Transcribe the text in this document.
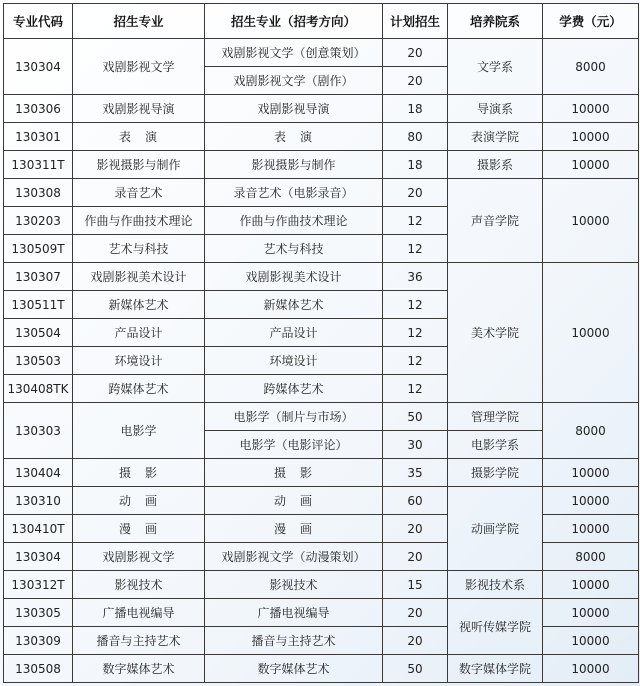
专业代码	招生专业	招生专业（招考方向）	计划招生	培养院系	学费（元）
130304	戏剧影视文学	戏剧影视文学（创意策划）	20	文学系	8000
		戏剧影视文学（剧作）	20		
130306	戏剧影视导演	戏剧影视导演	18	导演系	10000
130301	表　演	表　演	80	表演学院	10000
130311T	影视摄影与制作	影视摄影与制作	18	摄影系	10000
130308	录音艺术	录音艺术（电影录音）	20	声音学院	10000
130203	作曲与作曲技术理论	作曲与作曲技术理论	12		
130509T	艺术与科技	艺术与科技	12		
130307	戏剧影视美术设计	戏剧影视美术设计	36	美术学院	10000
130511T	新媒体艺术	新媒体艺术	12		
130504	产品设计	产品设计	12		
130503	环境设计	环境设计	12		
130408TK	跨媒体艺术	跨媒体艺术	12		
130303	电影学	电影学（制片与市场）	50	管理学院	8000
		电影学（电影评论）	30	电影学系	
130404	摄　影	摄　影	35	摄影学院	10000
130310	动　画	动　画	60	动画学院	10000
130410T	漫　画	漫　画	20		10000
130304	戏剧影视文学	戏剧影视文学（动漫策划）	20		8000
130312T	影视技术	影视技术	15	影视技术系	10000
130305	广播电视编导	广播电视编导	20	视听传媒学院	10000
130309	播音与主持艺术	播音与主持艺术	20		10000
130508	数字媒体艺术	数字媒体艺术	50	数字媒体学院	10000
